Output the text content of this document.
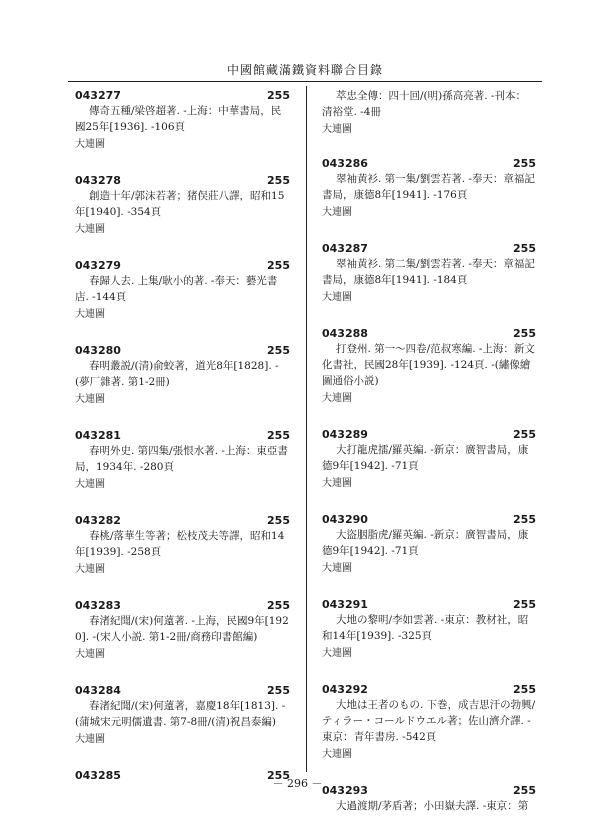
中國館藏滿鐵資料聯合目錄
043277	255

傳奇五種/梁啓超著. -上海：中華書局，民國25年[1936]. -106頁

大連圖
043278	255

創造十年/郭沫若著；猪俣莊八譯，昭和15年[1940]. -354頁

大連圖
043279	255

春歸人去. 上集/耿小的著. -奉天：藝光書店. -144頁

大連圖
043280	255

春明叢説/(清)俞蛟著，道光8年[1828]. -(夢厂雜著. 第1-2冊)

大連圖
043281	255

春明外史. 第四集/張恨水著. -上海：東亞書局，1934年. -280頁

大連圖
043282	255

春桃/落華生等著；松枝茂夫等譯，昭和14年[1939]. -258頁

大連圖
043283	255

春渚紀聞/(宋)何薳著. -上海，民國9年[1920]. -(宋人小説. 第1-2冊/商務印書館編)

大連圖
043284	255

春渚紀聞/(宋)何薳著，嘉慶18年[1813]. -(蒲城宋元明儒遺書. 第7-8冊/(清)祝昌泰編)

大連圖
043285	255

萃忠全傳：四十回/(明)孫高亮著. -刊本：清裕堂. -4冊

大連圖
043286	255

翠袖黄衫. 第一集/劉雲若著. -奉天：章福記書局，康德8年[1941]. -176頁

大連圖
043287	255

翠袖黄衫. 第二集/劉雲若著. -奉天：章福記書局，康德8年[1941]. -184頁

大連圖
043288	255

打登州. 第一～四卷/范叔寒編. -上海：新文化書社，民國28年[1939]. -124頁. -(繡像繪圖通俗小説)

大連圖
043289	255

大打龍虎擂/羅英編. -新京：廣智書局，康德9年[1942]. -71頁

大連圖
043290	255

大盜胭脂虎/羅英編. -新京：廣智書局，康德9年[1942]. -71頁

大連圖
043291	255

大地の黎明/李如雲著. -東京：教材社，昭和14年[1939]. -325頁

大連圖
043292	255

大地は王者のもの. 下巻，成吉思汗の勃興/ティラー・コールドウエル著；佐山濟介譯. -東京：青年書房. -542頁

大連圖
043293	255

大過渡期/茅盾著；小田嶽夫譯. -東京：第

－ 296 －
